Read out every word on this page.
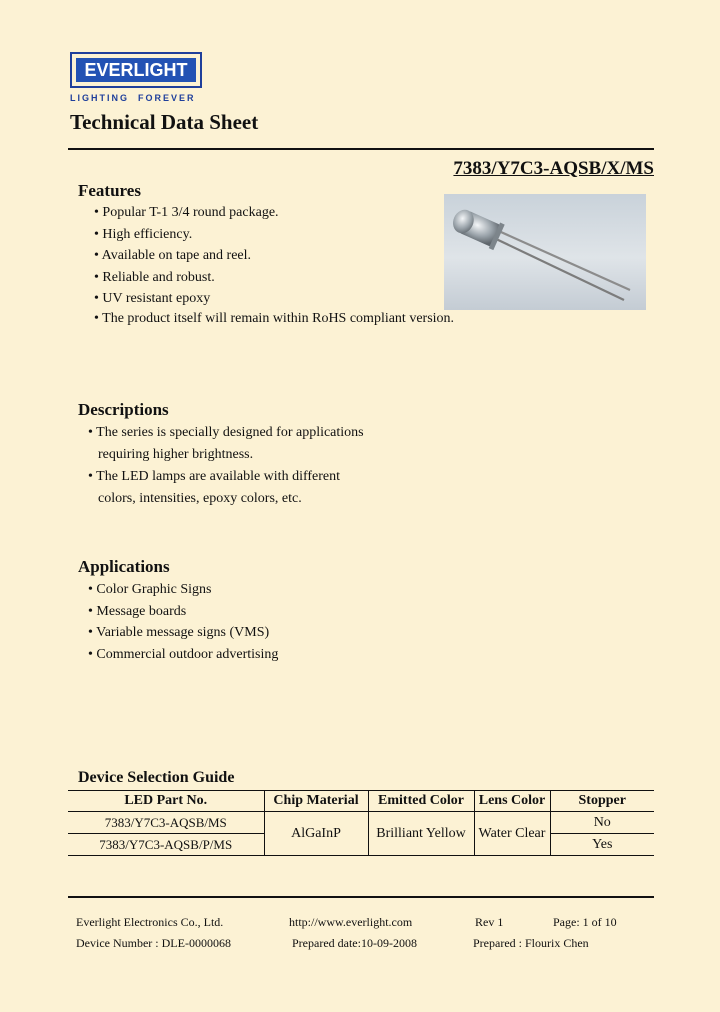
EVERLIGHT
LIGHTING  FOREVER
Technical Data Sheet
7383/Y7C3-AQSB/X/MS
Features
• Popular T-1 3/4 round package.
• High efficiency.
• Available on tape and reel.
• Reliable and robust.
• UV resistant epoxy
• The product itself will remain within RoHS compliant version.
Descriptions
• The series is specially designed for applications
requiring higher brightness.
• The LED lamps are available with different
colors, intensities, epoxy colors, etc.
Applications
• Color Graphic Signs
• Message boards
• Variable message signs (VMS)
• Commercial outdoor advertising
Device Selection Guide
LED Part No.	Chip Material	Emitted Color	Lens Color	Stopper
7383/Y7C3-AQSB/MS	AlGaInP	Brilliant Yellow	Water Clear	No
7383/Y7C3-AQSB/P/MS				Yes
Everlight Electronics Co., Ltd.	http://www.everlight.com	Rev 1	Page: 1 of 10
Device Number : DLE-0000068	Prepared date:10-09-2008	Prepared : Flourix Chen
